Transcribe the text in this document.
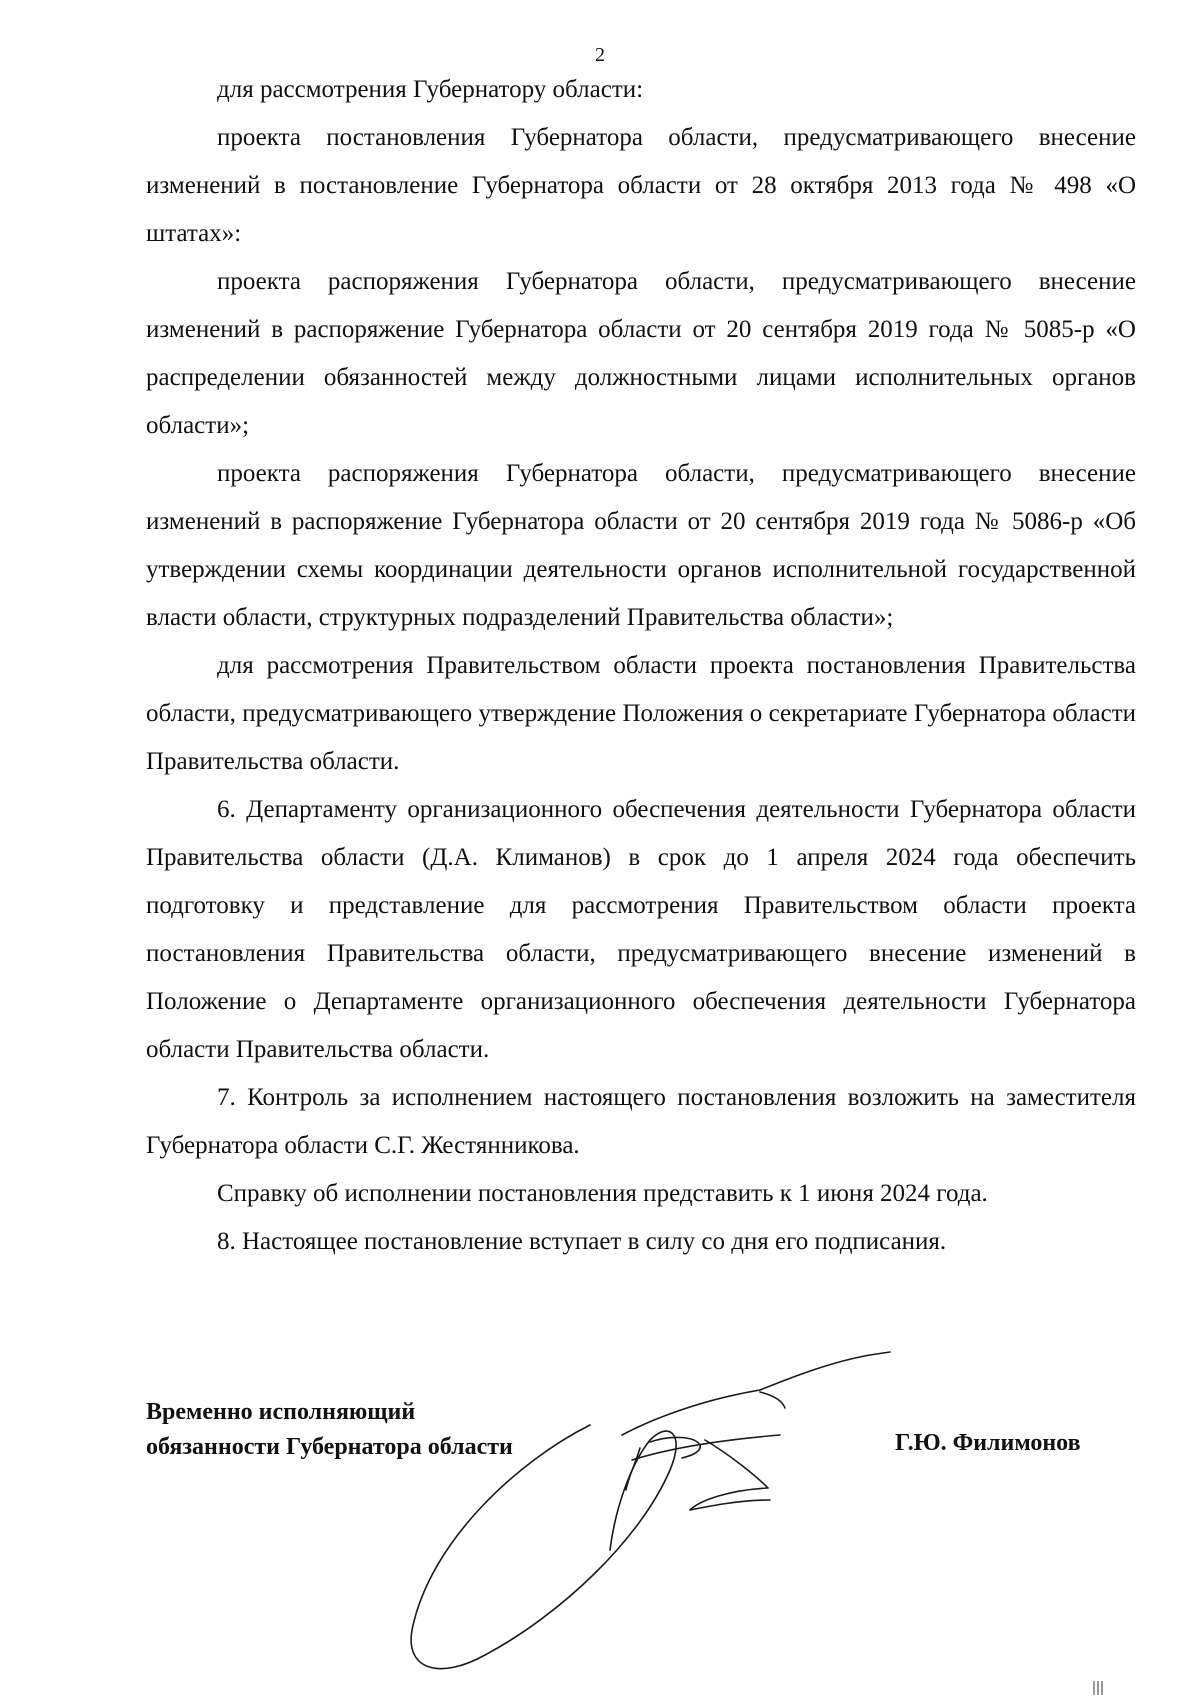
2

для рассмотрения Губернатору области:

проекта постановления Губернатора области, предусматривающего внесение изменений в постановление Губернатора области от 28 октября 2013 года № 498 «О штатах»:

проекта распоряжения Губернатора области, предусматривающего внесение изменений в распоряжение Губернатора области от 20 сентября 2019 года № 5085-р «О распределении обязанностей между должностными лицами исполнительных органов области»;

проекта распоряжения Губернатора области, предусматривающего внесение изменений в распоряжение Губернатора области от 20 сентября 2019 года № 5086-р «Об утверждении схемы координации деятельности органов исполнительной государственной власти области, структурных подразделений Правительства области»;

для рассмотрения Правительством области проекта постановления Правительства области, предусматривающего утверждение Положения о секретариате Губернатора области Правительства области.

6. Департаменту организационного обеспечения деятельности Губернатора области Правительства области (Д.А. Климанов) в срок до 1 апреля 2024 года обеспечить подготовку и представление для рассмотрения Правительством области проекта постановления Правительства области, предусматривающего внесение изменений в Положение о Департаменте организационного обеспечения деятельности Губернатора области Правительства области.

7. Контроль за исполнением настоящего постановления возложить на заместителя Губернатора области С.Г. Жестянникова.

Справку об исполнении постановления представить к 1 июня 2024 года.

8. Настоящее постановление вступает в силу со дня его подписания.

Временно исполняющий
обязанности Губернатора области	Г.Ю. Филимонов
